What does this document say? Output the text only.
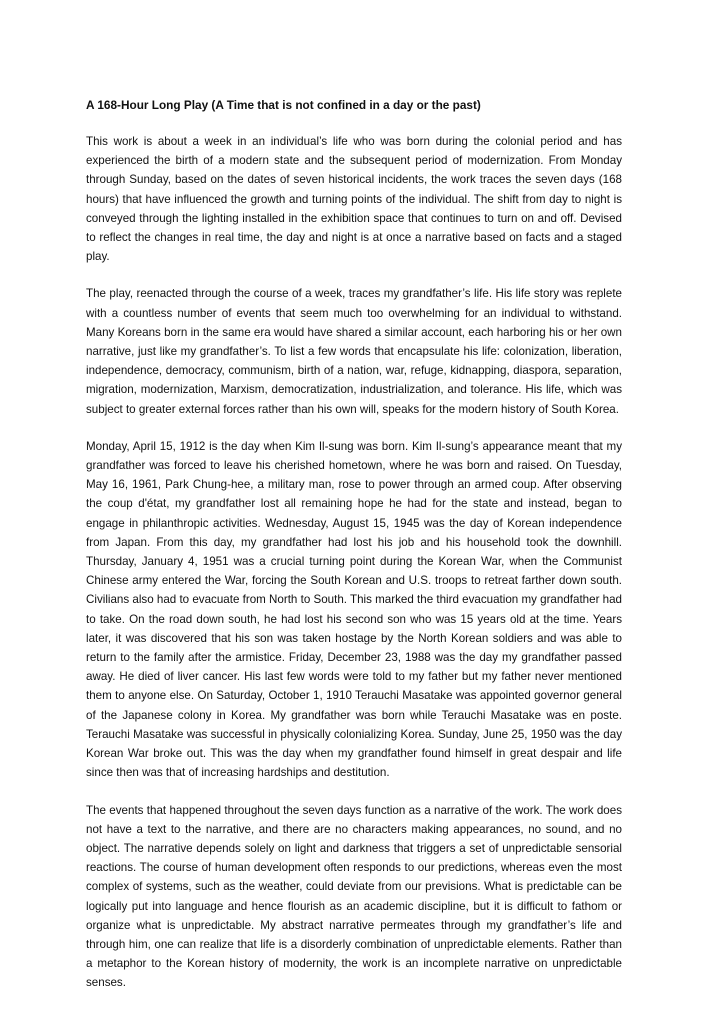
A 168-Hour Long Play (A Time that is not confined in a day or the past)

This work is about a week in an individual’s life who was born during the colonial period and has experienced the birth of a modern state and the subsequent period of modernization. From Monday through Sunday, based on the dates of seven historical incidents, the work traces the seven days (168 hours) that have influenced the growth and turning points of the individual. The shift from day to night is conveyed through the lighting installed in the exhibition space that continues to turn on and off. Devised to reflect the changes in real time, the day and night is at once a narrative based on facts and a staged play.

The play, reenacted through the course of a week, traces my grandfather’s life. His life story was replete with a countless number of events that seem much too overwhelming for an individual to withstand. Many Koreans born in the same era would have shared a similar account, each harboring his or her own narrative, just like my grandfather’s. To list a few words that encapsulate his life: colonization, liberation, independence, democracy, communism, birth of a nation, war, refuge, kidnapping, diaspora, separation, migration, modernization, Marxism, democratization, industrialization, and tolerance. His life, which was subject to greater external forces rather than his own will, speaks for the modern history of South Korea.

Monday, April 15, 1912 is the day when Kim Il-sung was born. Kim Il-sung’s appearance meant that my grandfather was forced to leave his cherished hometown, where he was born and raised. On Tuesday, May 16, 1961, Park Chung-hee, a military man, rose to power through an armed coup. After observing the coup d'état, my grandfather lost all remaining hope he had for the state and instead, began to engage in philanthropic activities. Wednesday, August 15, 1945 was the day of Korean independence from Japan. From this day, my grandfather had lost his job and his household took the downhill. Thursday, January 4, 1951 was a crucial turning point during the Korean War, when the Communist Chinese army entered the War, forcing the South Korean and U.S. troops to retreat farther down south. Civilians also had to evacuate from North to South. This marked the third evacuation my grandfather had to take. On the road down south, he had lost his second son who was 15 years old at the time. Years later, it was discovered that his son was taken hostage by the North Korean soldiers and was able to return to the family after the armistice. Friday, December 23, 1988 was the day my grandfather passed away. He died of liver cancer. His last few words were told to my father but my father never mentioned them to anyone else. On Saturday, October 1, 1910 Terauchi Masatake was appointed governor general of the Japanese colony in Korea. My grandfather was born while Terauchi Masatake was en poste. Terauchi Masatake was successful in physically colonializing Korea. Sunday, June 25, 1950 was the day Korean War broke out. This was the day when my grandfather found himself in great despair and life since then was that of increasing hardships and destitution.

The events that happened throughout the seven days function as a narrative of the work. The work does not have a text to the narrative, and there are no characters making appearances, no sound, and no object. The narrative depends solely on light and darkness that triggers a set of unpredictable sensorial reactions. The course of human development often responds to our predictions, whereas even the most complex of systems, such as the weather, could deviate from our previsions. What is predictable can be logically put into language and hence flourish as an academic discipline, but it is difficult to fathom or organize what is unpredictable. My abstract narrative permeates through my grandfather’s life and through him, one can realize that life is a disorderly combination of unpredictable elements. Rather than a metaphor to the Korean history of modernity, the work is an incomplete narrative on unpredictable senses.
